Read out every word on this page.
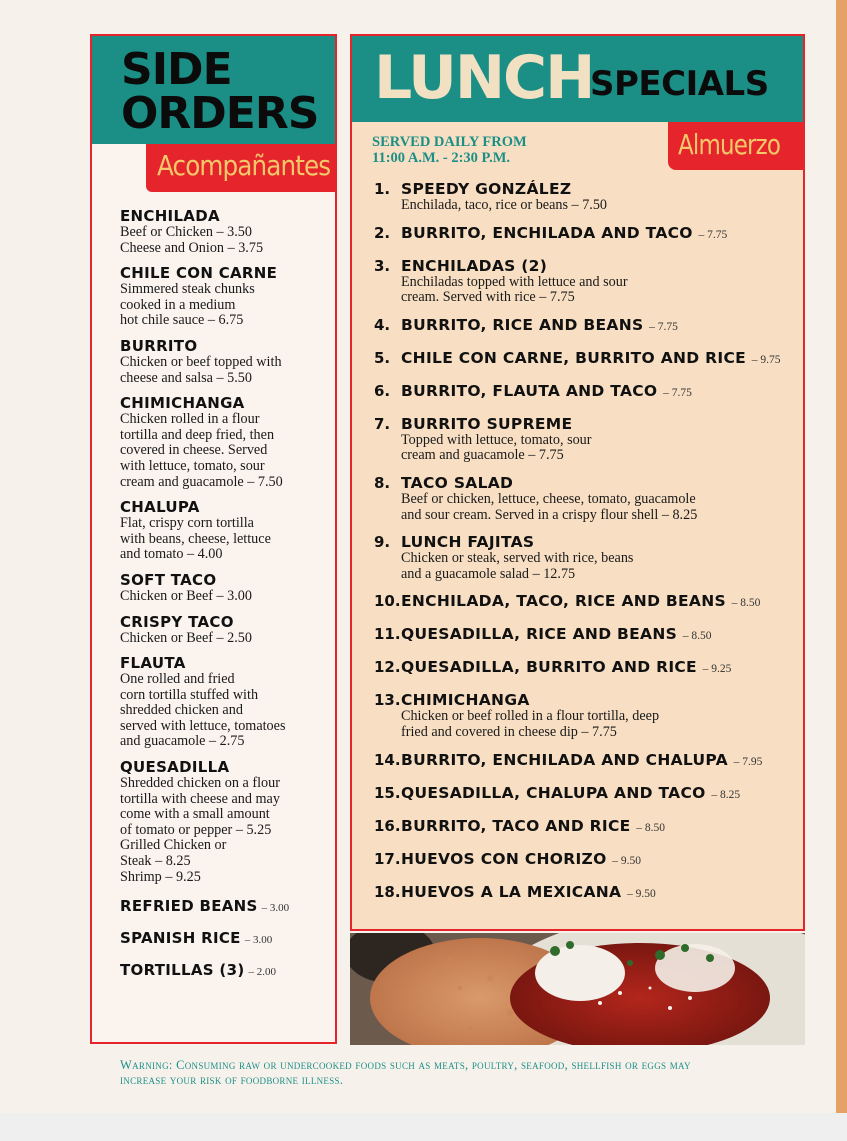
SIDE
ORDERS

Acompañantes

ENCHILADA
Beef or Chicken – 3.50
Cheese and Onion – 3.75
CHILE CON CARNE
Simmered steak chunks
cooked in a medium
hot chile sauce – 6.75
BURRITO
Chicken or beef topped with
cheese and salsa – 5.50
CHIMICHANGA
Chicken rolled in a flour
tortilla and deep fried, then
covered in cheese. Served
with lettuce, tomato, sour
cream and guacamole – 7.50
CHALUPA
Flat, crispy corn tortilla
with beans, cheese, lettuce
and tomato – 4.00
SOFT TACO
Chicken or Beef – 3.00
CRISPY TACO
Chicken or Beef – 2.50
FLAUTA
One rolled and fried
corn tortilla stuffed with
shredded chicken and
served with lettuce, tomatoes
and guacamole – 2.75
QUESADILLA
Shredded chicken on a flour
tortilla with cheese and may
come with a small amount
of tomato or pepper – 5.25
Grilled Chicken or
Steak – 8.25
Shrimp – 9.25
REFRIED BEANS – 3.00
SPANISH RICE – 3.00
TORTILLAS (3) – 2.00
LUNCH
SPECIALS

SERVED DAILY FROM
11:00 A.M. - 2:30 P.M.	Almuerzo

1. SPEEDY GONZÁLEZ
Enchilada, taco, rice or beans – 7.50
2. BURRITO, ENCHILADA AND TACO – 7.75
3. ENCHILADAS (2)
Enchiladas topped with lettuce and sour
cream. Served with rice – 7.75
4. BURRITO, RICE AND BEANS – 7.75
5. CHILE CON CARNE, BURRITO AND RICE – 9.75
6. BURRITO, FLAUTA AND TACO – 7.75
7. BURRITO SUPREME
Topped with lettuce, tomato, sour
cream and guacamole – 7.75
8. TACO SALAD
Beef or chicken, lettuce, cheese, tomato, guacamole
and sour cream. Served in a crispy flour shell – 8.25
9. LUNCH FAJITAS
Chicken or steak, served with rice, beans
and a guacamole salad – 12.75
10. ENCHILADA, TACO, RICE AND BEANS – 8.50
11. QUESADILLA, RICE AND BEANS – 8.50
12. QUESADILLA, BURRITO AND RICE – 9.25
13. CHIMICHANGA
Chicken or beef rolled in a flour tortilla, deep
fried and covered in cheese dip – 7.75
14. BURRITO, ENCHILADA AND CHALUPA – 7.95
15. QUESADILLA, CHALUPA AND TACO – 8.25
16. BURRITO, TACO AND RICE – 8.50
17. HUEVOS CON CHORIZO – 9.50
18. HUEVOS A LA MEXICANA – 9.50

Warning: Consuming raw or undercooked foods such as meats, poultry, seafood, shellfish or eggs may increase your risk of foodborne illness.
